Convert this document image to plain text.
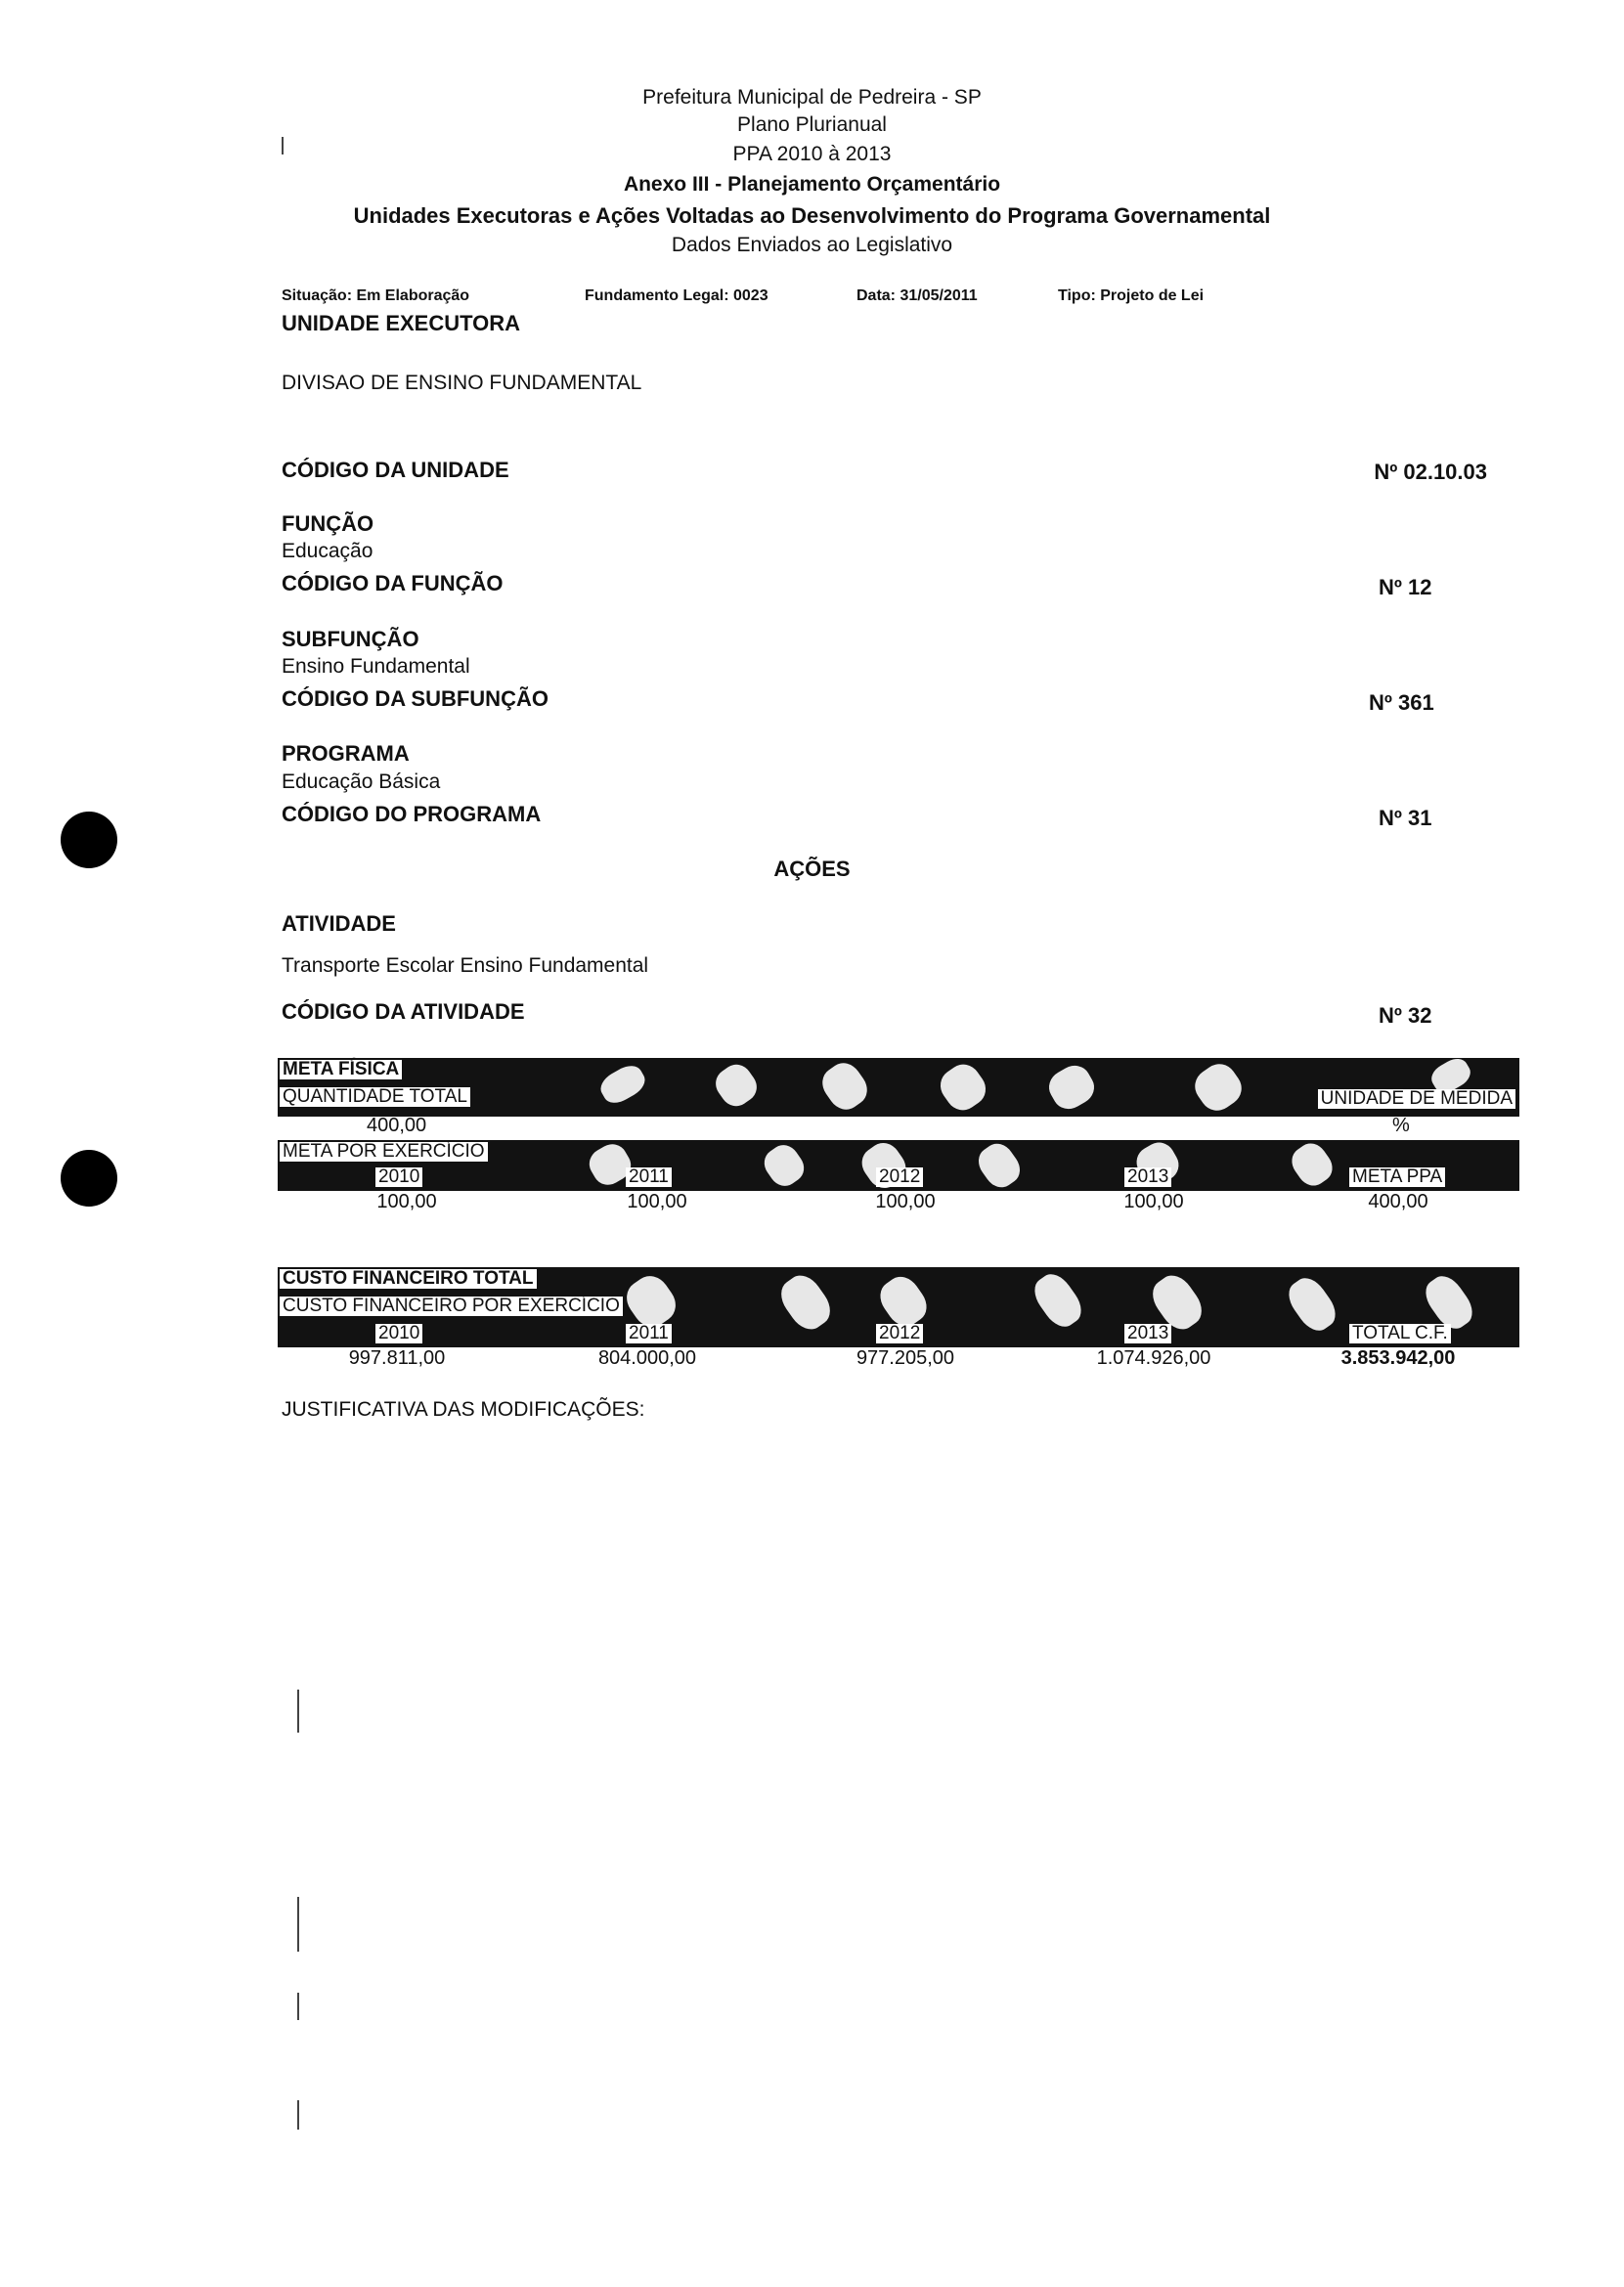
Prefeitura Municipal de Pedreira - SP
Plano Plurianual
PPA 2010 à 2013
Anexo III - Planejamento Orçamentário
Unidades Executoras e Ações Voltadas ao Desenvolvimento do Programa Governamental
Dados Enviados ao Legislativo
Situação: Em Elaboração	Fundamento Legal: 0023	Data: 31/05/2011	Tipo: Projeto de Lei
UNIDADE EXECUTORA
DIVISAO DE ENSINO FUNDAMENTAL
CÓDIGO DA UNIDADE	Nº 02.10.03
FUNÇÃO
Educação
CÓDIGO DA FUNÇÃO	Nº 12
SUBFUNÇÃO
Ensino Fundamental
CÓDIGO DA SUBFUNÇÃO	Nº 361
PROGRAMA
Educação Básica
CÓDIGO DO PROGRAMA	Nº 31
AÇÕES
ATIVIDADE
Transporte Escolar Ensino Fundamental
CÓDIGO DA ATIVIDADE	Nº 32
META FÍSICA
QUANTIDADE TOTAL	UNIDADE DE MEDIDA
400,00	%
META POR EXERCÍCIO
2010	2011	2012	2013	META PPA
100,00	100,00	100,00	100,00	400,00
CUSTO FINANCEIRO TOTAL
CUSTO FINANCEIRO POR EXERCÍCIO
2010	2011	2012	2013	TOTAL C.F.
997.811,00	804.000,00	977.205,00	1.074.926,00	3.853.942,00
JUSTIFICATIVA DAS MODIFICAÇÕES:
